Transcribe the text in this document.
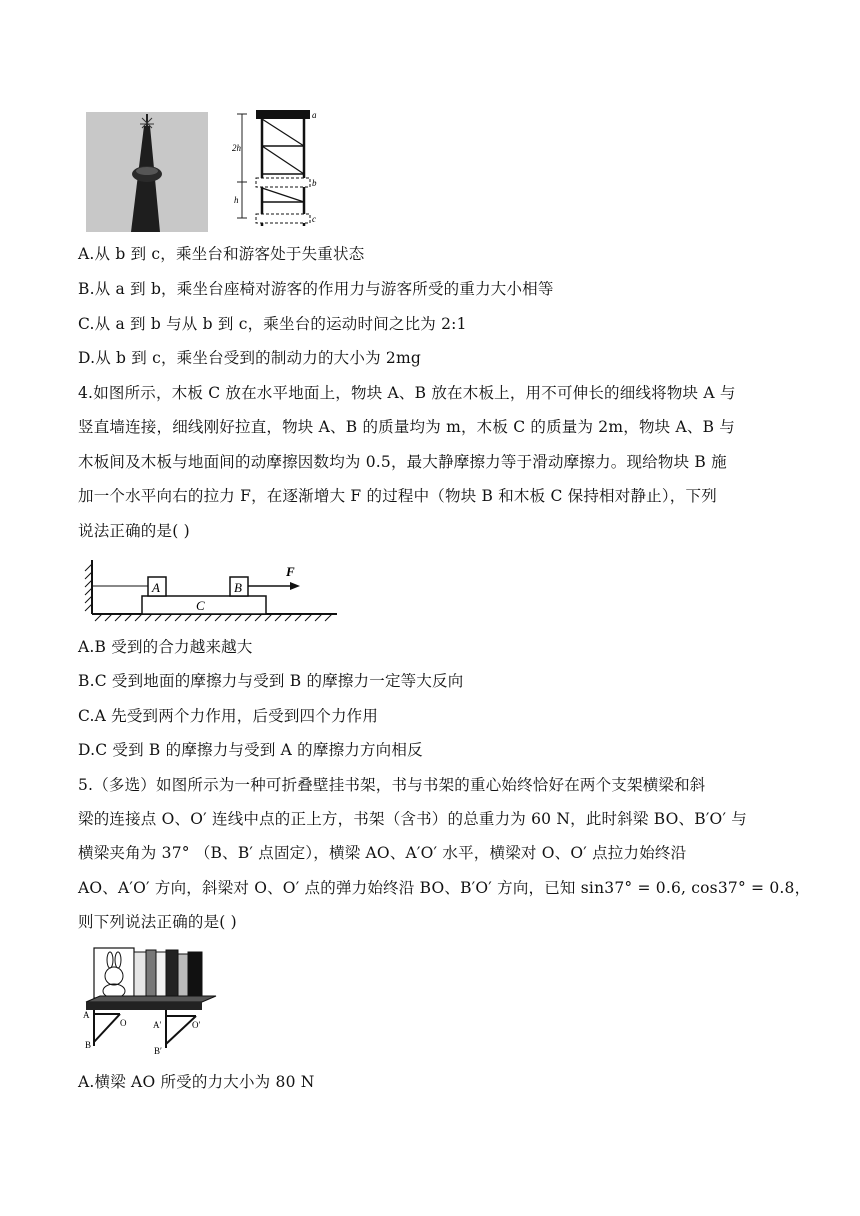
a
b
c
2h
h
A.从 b 到 c，乘坐台和游客处于失重状态
B.从 a 到 b，乘坐台座椅对游客的作用力与游客所受的重力大小相等
C.从 a 到 b 与从 b 到 c，乘坐台的运动时间之比为 2:1
D.从 b 到 c，乘坐台受到的制动力的大小为 2mg
4.如图所示，木板 C 放在水平地面上，物块 A、B 放在木板上，用不可伸长的细线将物块 A 与
竖直墙连接，细线刚好拉直，物块 A、B 的质量均为 m，木板 C 的质量为 2m，物块 A、B 与
木板间及木板与地面间的动摩擦因数均为 0.5，最大静摩擦力等于滑动摩擦力。现给物块 B 施
加一个水平向右的拉力 F，在逐渐增大 F 的过程中（物块 B 和木板 C 保持相对静止），下列
说法正确的是( )
A	B
C
F
A.B 受到的合力越来越大
B.C 受到地面的摩擦力与受到 B 的摩擦力一定等大反向
C.A 先受到两个力作用，后受到四个力作用
D.C 受到 B 的摩擦力与受到 A 的摩擦力方向相反
5.（多选）如图所示为一种可折叠壁挂书架，书与书架的重心始终恰好在两个支架横梁和斜
梁的连接点 O、O′ 连线中点的正上方，书架（含书）的总重力为 60 N，此时斜梁 BO、B′O′ 与
横梁夹角为 37° （B、B′ 点固定），横梁 AO、A′O′ 水平，横梁对 O、O′ 点拉力始终沿
AO、A′O′ 方向，斜梁对 O、O′ 点的弹力始终沿 BO、B′O′ 方向，已知 sin37° = 0.6, cos37° = 0.8，
则下列说法正确的是( )
A
O
B
A′	O′
B′
A.横梁 AO 所受的力大小为 80 N
